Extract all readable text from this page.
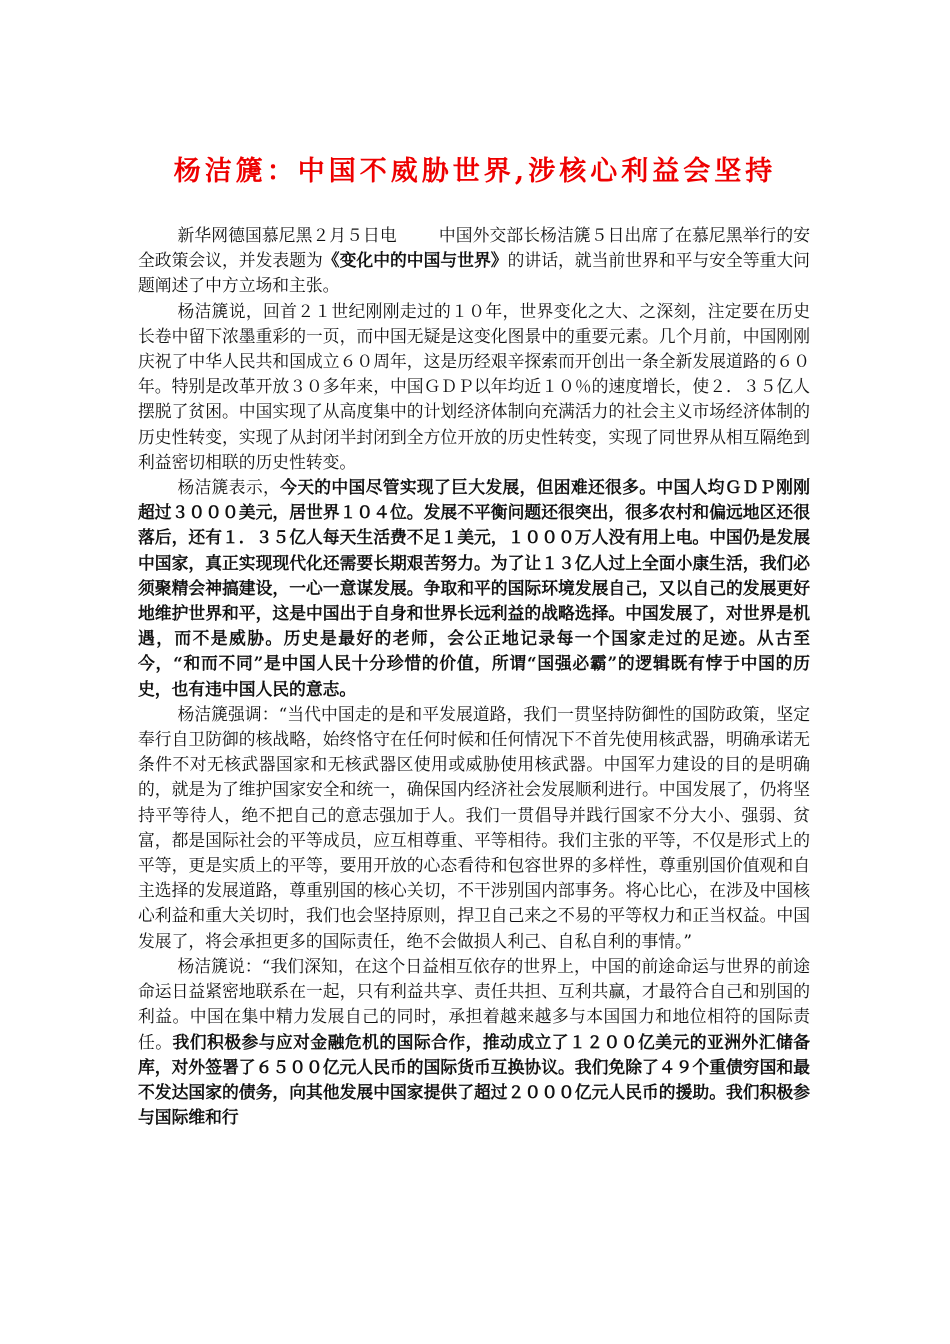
杨洁篪：中国不威胁世界,涉核心利益会坚持

新华网德国慕尼黑２月５日电	中国外交部长杨洁篪５日出席了在慕尼黑举行的安全政策会议，并发表题为《变化中的中国与世界》的讲话，就当前世界和平与安全等重大问题阐述了中方立场和主张。

杨洁篪说，回首２１世纪刚刚走过的１０年，世界变化之大、之深刻，注定要在历史长卷中留下浓墨重彩的一页，而中国无疑是这变化图景中的重要元素。几个月前，中国刚刚庆祝了中华人民共和国成立６０周年，这是历经艰辛探索而开创出一条全新发展道路的６０年。特别是改革开放３０多年来，中国ＧＤＰ以年均近１０％的速度增长，使２．３５亿人摆脱了贫困。中国实现了从高度集中的计划经济体制向充满活力的社会主义市场经济体制的历史性转变，实现了从封闭半封闭到全方位开放的历史性转变，实现了同世界从相互隔绝到利益密切相联的历史性转变。

杨洁篪表示，今天的中国尽管实现了巨大发展，但困难还很多。中国人均ＧＤＰ刚刚超过３０００美元，居世界１０４位。发展不平衡问题还很突出，很多农村和偏远地区还很落后，还有１．３５亿人每天生活费不足１美元，１０００万人没有用上电。中国仍是发展中国家，真正实现现代化还需要长期艰苦努力。为了让１３亿人过上全面小康生活，我们必须聚精会神搞建设，一心一意谋发展。争取和平的国际环境发展自己，又以自己的发展更好地维护世界和平，这是中国出于自身和世界长远利益的战略选择。中国发展了，对世界是机遇，而不是威胁。历史是最好的老师，会公正地记录每一个国家走过的足迹。从古至今，“和而不同”是中国人民十分珍惜的价值，所谓“国强必霸”的逻辑既有悖于中国的历史，也有违中国人民的意志。

杨洁篪强调：“当代中国走的是和平发展道路，我们一贯坚持防御性的国防政策，坚定奉行自卫防御的核战略，始终恪守在任何时候和任何情况下不首先使用核武器，明确承诺无条件不对无核武器国家和无核武器区使用或威胁使用核武器。中国军力建设的目的是明确的，就是为了维护国家安全和统一，确保国内经济社会发展顺利进行。中国发展了，仍将坚持平等待人，绝不把自己的意志强加于人。我们一贯倡导并践行国家不分大小、强弱、贫富，都是国际社会的平等成员，应互相尊重、平等相待。我们主张的平等，不仅是形式上的平等，更是实质上的平等，要用开放的心态看待和包容世界的多样性，尊重别国价值观和自主选择的发展道路，尊重别国的核心关切，不干涉别国内部事务。将心比心，在涉及中国核心利益和重大关切时，我们也会坚持原则，捍卫自己来之不易的平等权力和正当权益。中国发展了，将会承担更多的国际责任，绝不会做损人利己、自私自利的事情。”

杨洁篪说：“我们深知，在这个日益相互依存的世界上，中国的前途命运与世界的前途命运日益紧密地联系在一起，只有利益共享、责任共担、互利共赢，才最符合自己和别国的利益。中国在集中精力发展自己的同时，承担着越来越多与本国国力和地位相符的国际责任。我们积极参与应对金融危机的国际合作，推动成立了１２００亿美元的亚洲外汇储备库，对外签署了６５００亿元人民币的国际货币互换协议。我们免除了４９个重债穷国和最不发达国家的债务，向其他发展中国家提供了超过２０００亿元人民币的援助。我们积极参与国际维和行
